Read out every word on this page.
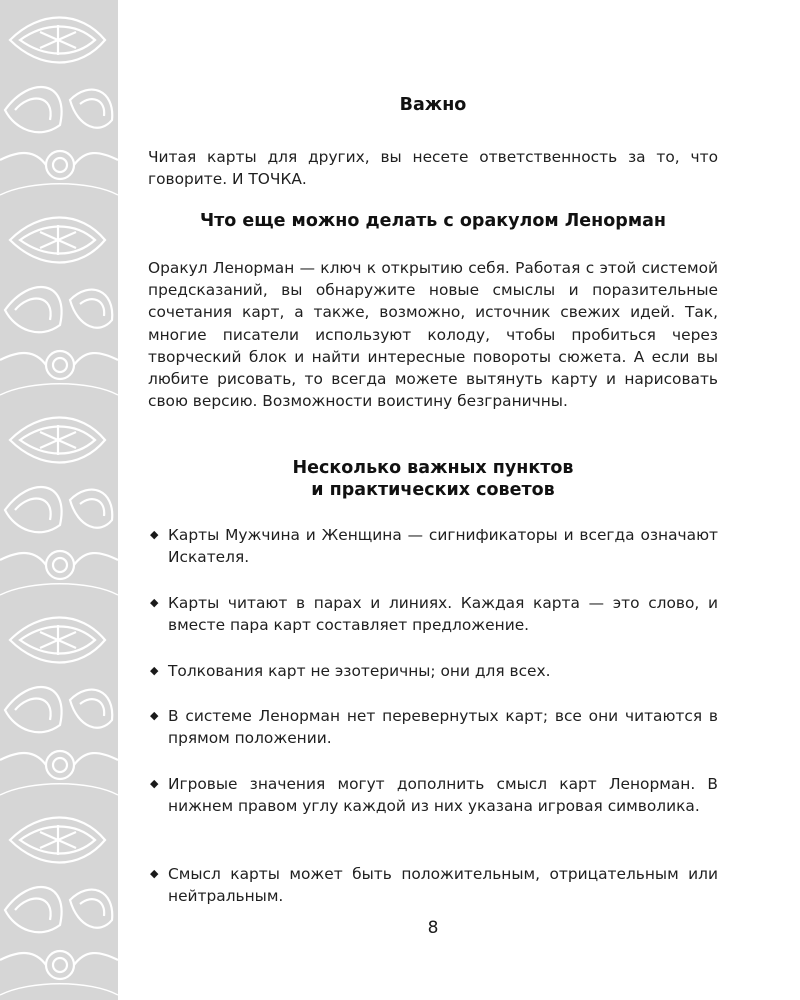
Важно

Читая карты для других, вы несете ответственность за то, что говорите. И ТОЧКА.

Что еще можно делать с оракулом Ленорман

Оракул Ленорман — ключ к открытию себя. Работая с этой системой предсказаний, вы обнаружите новые смыслы и поразительные сочетания карт, а также, возможно, источник свежих идей. Так, многие писатели используют колоду, чтобы пробиться через творческий блок и найти интересные повороты сюжета. А если вы любите рисовать, то всегда можете вытянуть карту и нарисовать свою версию. Возможности воистину безграничны.

Несколько важных пунктов
и практических советов
◆ Карты Мужчина и Женщина — сигнификаторы и всегда означают Искателя.
◆ Карты читают в парах и линиях. Каждая карта — это слово, и вместе пара карт составляет предложение.
◆ Толкования карт не эзотеричны; они для всех.
◆ В системе Ленорман нет перевернутых карт; все они читаются в прямом положении.
◆ Игровые значения могут дополнить смысл карт Ленорман. В нижнем правом углу каждой из них указана игровая символика.
◆ Смысл карты может быть положительным, отрицательным или нейтральным.
8
